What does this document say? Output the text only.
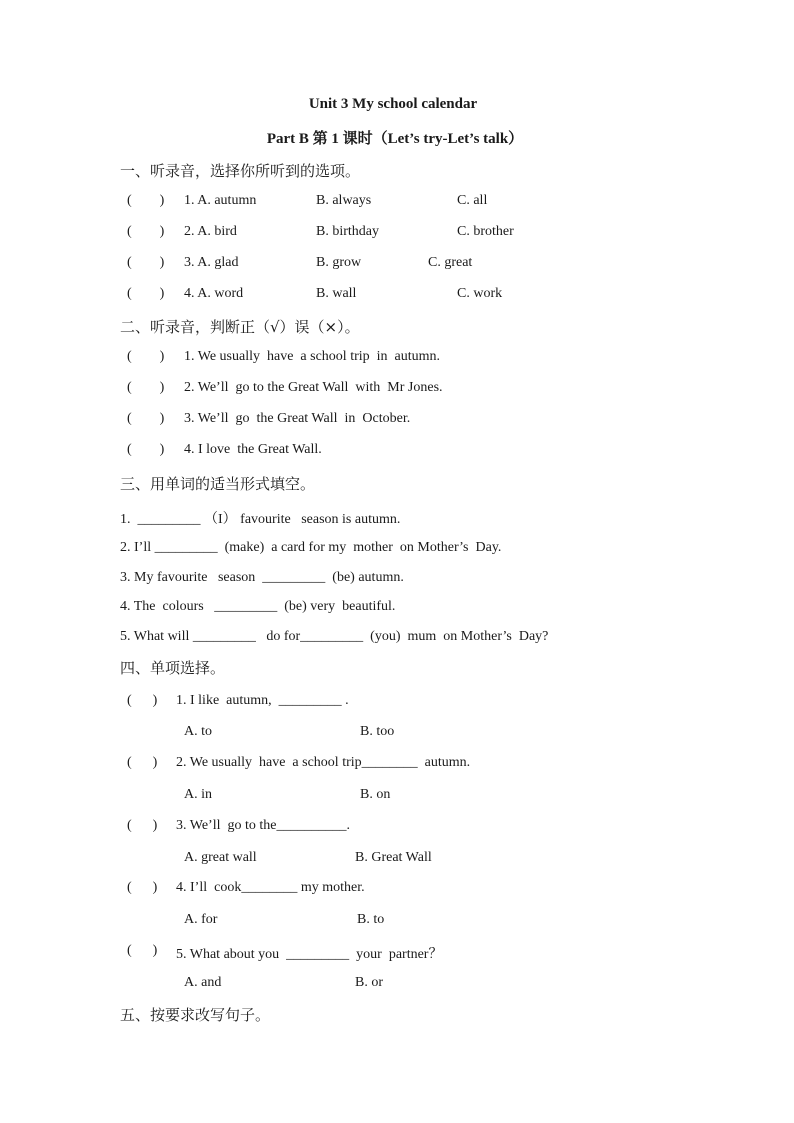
Unit 3 My school calendar
Part B 第 1 课时（Let’s try-Let’s talk）
一、听录音，选择你所听到的选项。
(        ) 1. A. autumn	B. always	C. all
(        ) 2. A. bird	B. birthday	C. brother
(        ) 3. A. glad	B. grow	C. great
(        ) 4. A. word	B. wall	C. work
二、听录音，判断正（√）误（×）。
(        ) 1. We usually  have  a school trip  in  autumn.
(        ) 2. We’ll  go to the Great Wall  with  Mr Jones.
(        ) 3. We’ll  go  the Great Wall  in  October.
(        ) 4. I love  the Great Wall.
三、用单词的适当形式填空。
1.  _________ （I） favourite   season is autumn.
2. I’ll _________  (make)  a card for my  mother  on Mother’s  Day.
3. My favourite   season  _________  (be) autumn.
4. The  colours   _________  (be) very  beautiful.
5. What will _________   do for_________  (you)  mum  on Mother’s  Day?
四、单项选择。
(      ) 1. I like  autumn,  _________ .
A. to	B. too
(      ) 2. We usually  have  a school trip________  autumn.
A. in	B. on
(      ) 3. We’ll  go to the__________.
A. great wall	B. Great Wall
(      ) 4. I’ll  cook________ my mother.
A. for	B. to
(      ) 5. What about you  _________  your  partner？
A. and	B. or
五、按要求改写句子。
